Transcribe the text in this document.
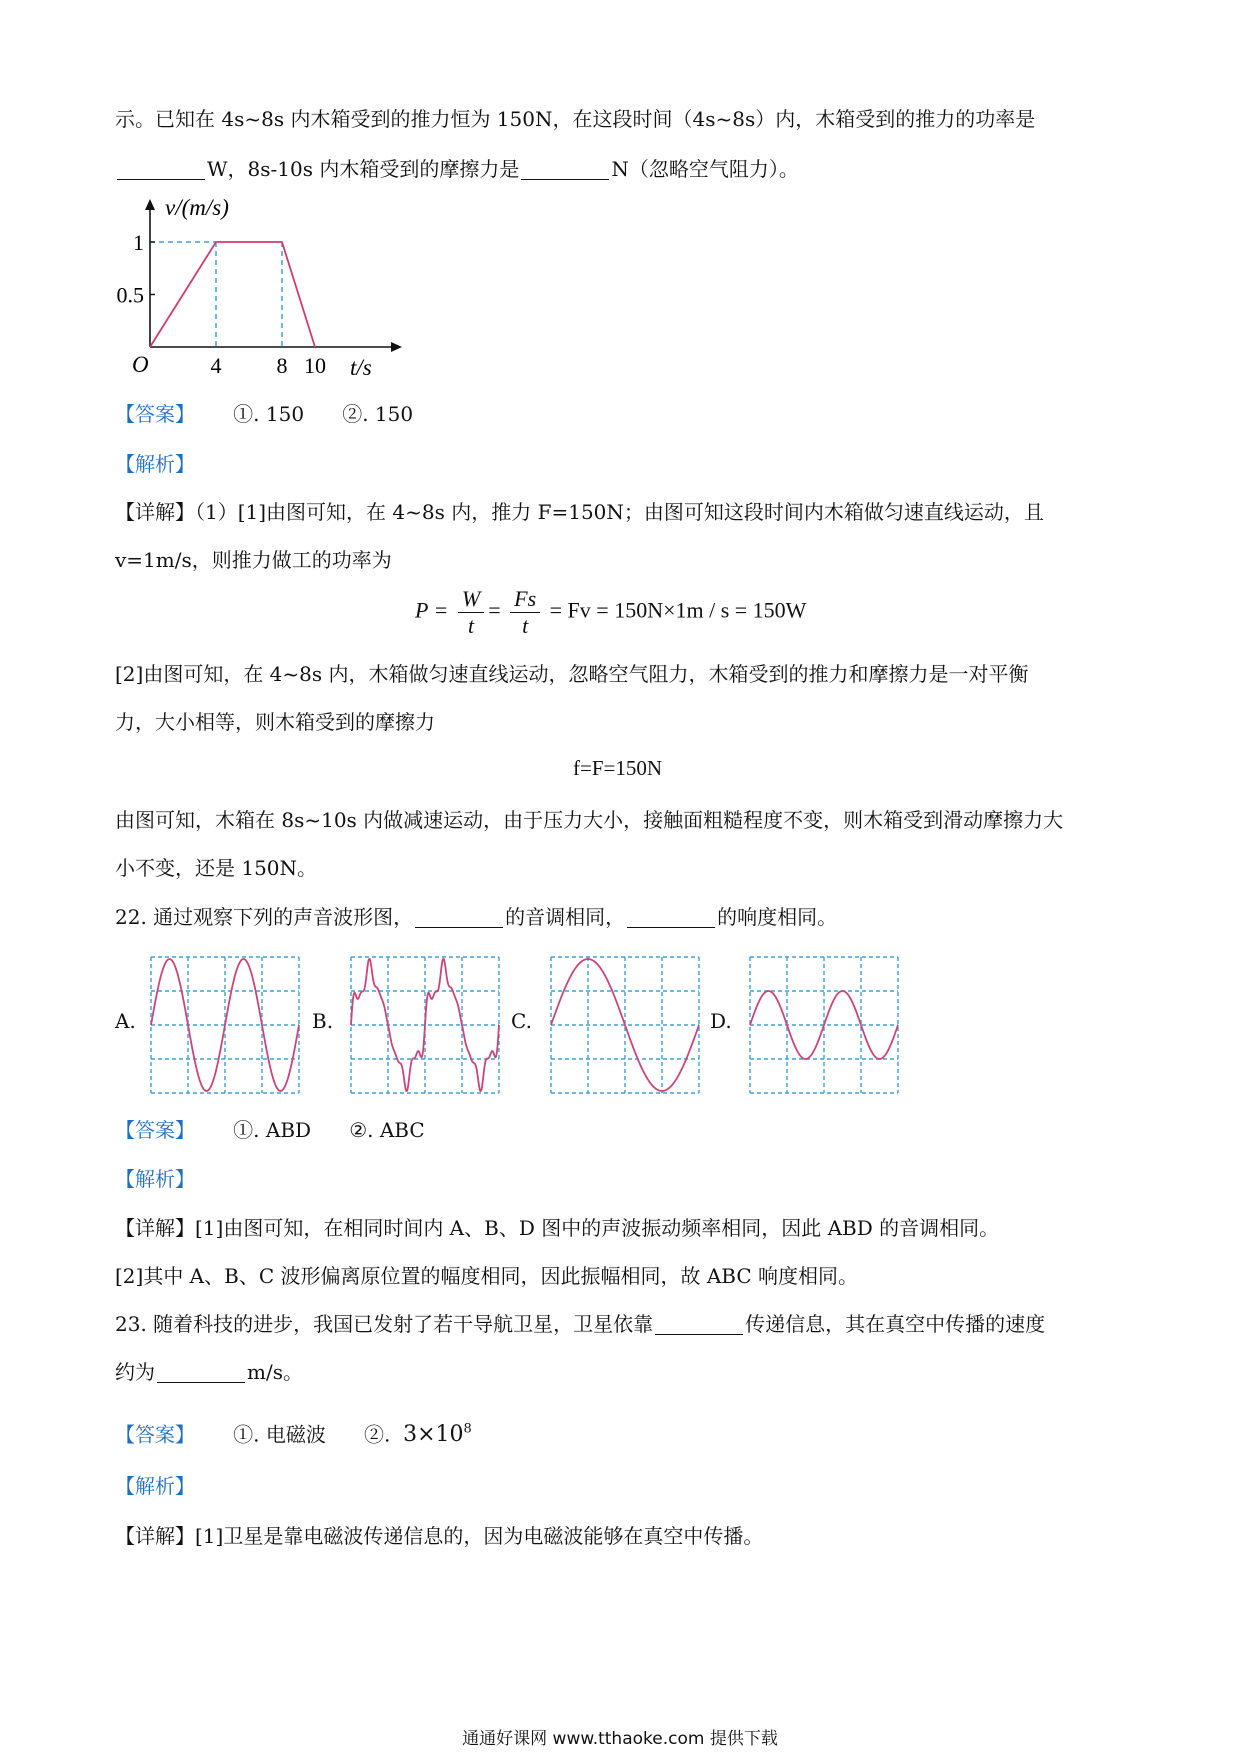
示。已知在 4s~8s 内木箱受到的推力恒为 150N，在这段时间（4s~8s）内，木箱受到的推力的功率是
W，8s-10s 内木箱受到的摩擦力是	N（忽略空气阻力）。
v/(m/s)
t/s
O	4	8 10
1
0.5
【答案】 ①. 150 ②. 150
【解析】
【详解】（1）[1]由图可知，在 4~8s 内，推力 F=150N；由图可知这段时间内木箱做匀速直线运动，且
v=1m/s，则推力做工的功率为
$P = \frac{W}{t} = \frac{Fs}{t} = Fv = 150N\times 1m / s = 150W$
[2]由图可知，在 4~8s 内，木箱做匀速直线运动，忽略空气阻力，木箱受到的推力和摩擦力是一对平衡
力，大小相等，则木箱受到的摩擦力
f=F=150N
由图可知，木箱在 8s~10s 内做减速运动，由于压力大小，接触面粗糙程度不变，则木箱受到滑动摩擦力大
小不变，还是 150N。
22. 通过观察下列的声音波形图，	的音调相同，	的响度相同。
A.	B.	C.	D.
【答案】 ①. ABD ②. ABC
【解析】
【详解】[1]由图可知，在相同时间内 A、B、D 图中的声波振动频率相同，因此 ABD 的音调相同。
[2]其中 A、B、C 波形偏离原位置的幅度相同，因此振幅相同，故 ABC 响度相同。
23. 随着科技的进步，我国已发射了若干导航卫星，卫星依靠	传递信息，其在真空中传播的速度
约为	m/s。
【答案】 ①. 电磁波 ②. $3\times 10^8$
【解析】
【详解】[1]卫星是靠电磁波传递信息的，因为电磁波能够在真空中传播。
通通好课网 www.tthaoke.com 提供下载
